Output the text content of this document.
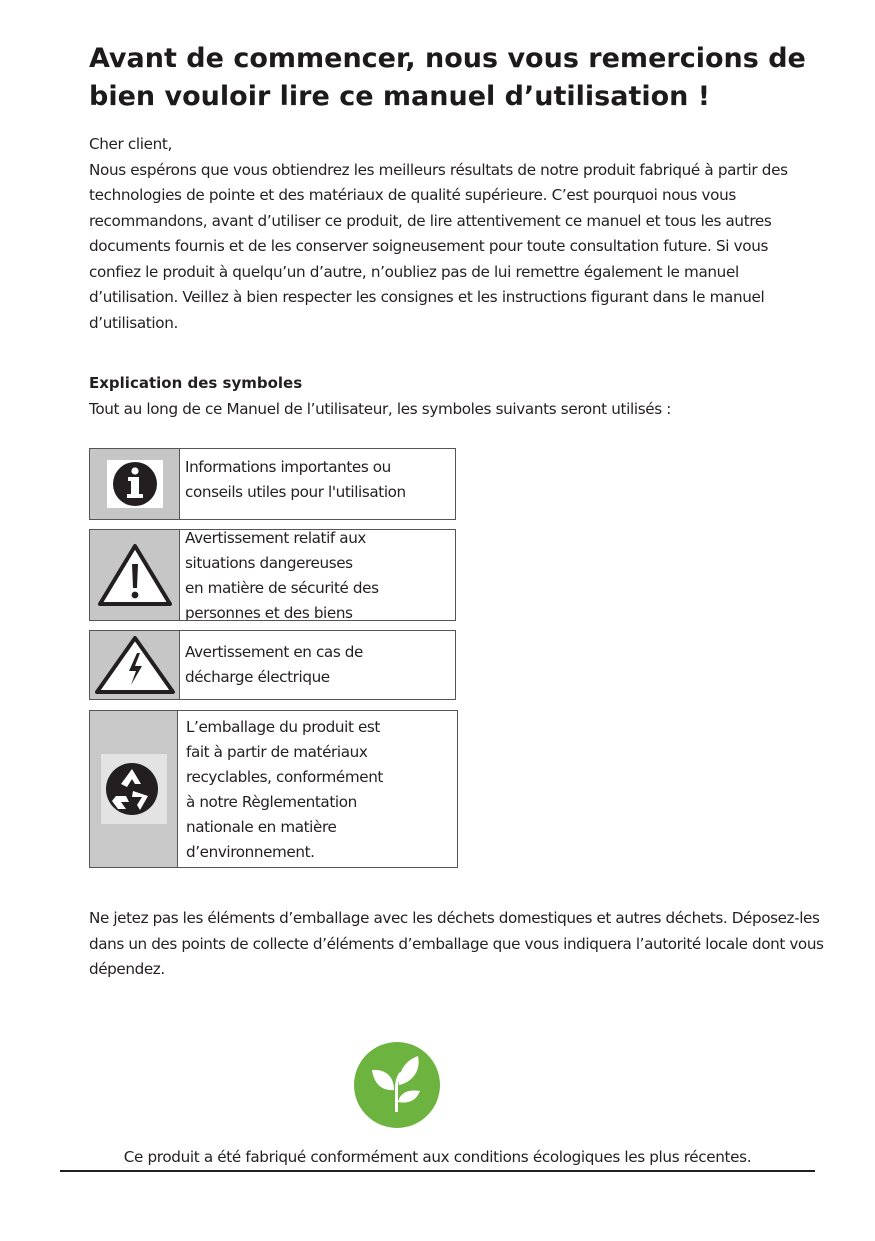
Avant de commencer, nous vous remercions de bien vouloir lire ce manuel d’utilisation !

Cher client,

Nous espérons que vous obtiendrez les meilleurs résultats de notre produit fabriqué à partir des technologies de pointe et des matériaux de qualité supérieure. C’est pourquoi nous vous recommandons, avant d’utiliser ce produit, de lire attentivement ce manuel et tous les autres documents fournis et de les conserver soigneusement pour toute consultation future. Si vous confiez le produit à quelqu’un d’autre, n’oubliez pas de lui remettre également le manuel d’utilisation. Veillez à bien respecter les consignes et les instructions figurant dans le manuel d’utilisation.

Explication des symboles
Tout au long de ce Manuel de l’utilisateur, les symboles suivants seront utilisés :
Informations importantes ou
conseils utiles pour l'utilisation
Avertissement relatif aux
situations dangereuses
en matière de sécurité des
personnes et des biens
Avertissement en cas de
décharge électrique
L’emballage du produit est
fait à partir de matériaux
recyclables, conformément
à notre Règlementation
nationale en matière
d’environnement.

Ne jetez pas les éléments d’emballage avec les déchets domestiques et autres déchets. Déposez-les dans un des points de collecte d’éléments d’emballage que vous indiquera l’autorité locale dont vous dépendez.

Ce produit a été fabriqué conformément aux conditions écologiques les plus récentes.
